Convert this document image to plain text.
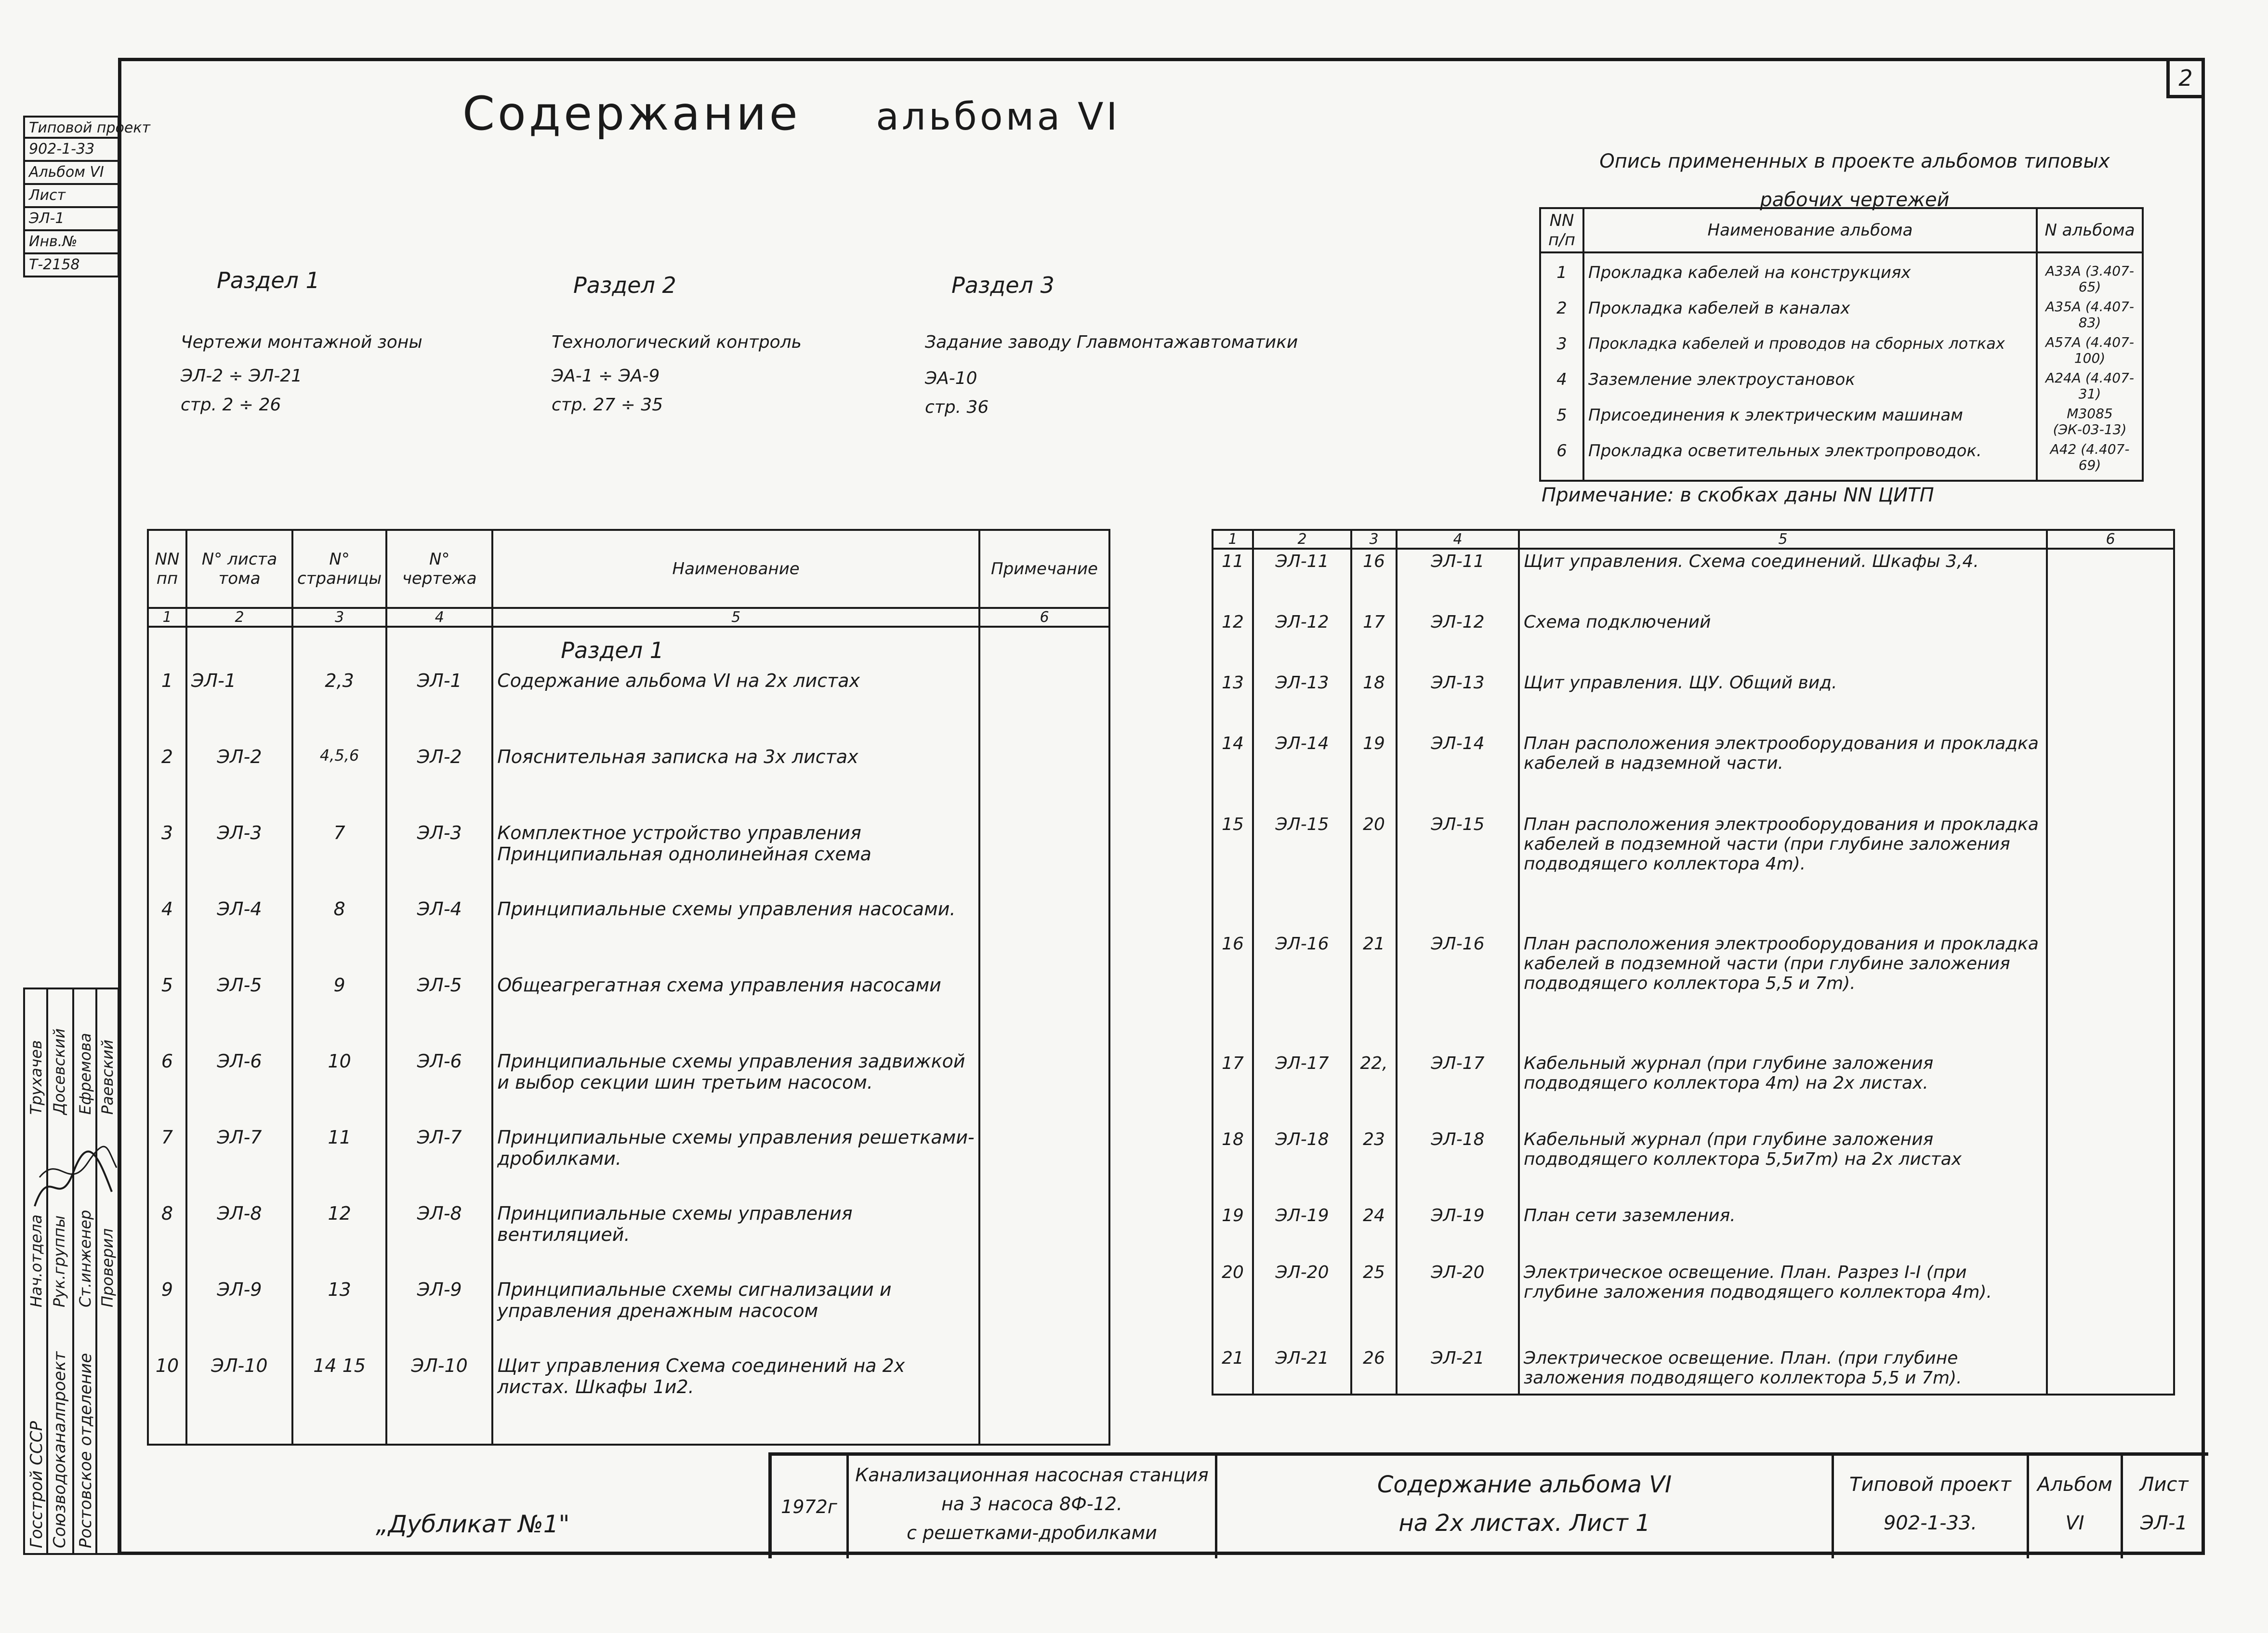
2
Содержание альбома VI
Типовой проект
902-1-33
Альбом VI
Лист
ЭЛ-1
Инв.№
Т-2158
Госстрой СССР Союзводоканалпроект Ростовское отделение
Нач.отдела Рук.группы Ст.инженер Проверил
Трухачев Досевский Ефремова Раевский
Раздел 1
Чертежи монтажной зоны
ЭЛ-2 ÷ ЭЛ-21
стр. 2 ÷ 26
Раздел 2
Технологический контроль
ЭА-1 ÷ ЭА-9
стр. 27 ÷ 35
Раздел 3
Задание заводу Главмонтажавтоматики
ЭА-10
стр. 36
Опись примененных в проекте альбомов типовых
рабочих чертежей
NN п/п	Наименование альбома	N альбома
1	Прокладка кабелей на конструкциях	А33А (3.407-65)
2	Прокладка кабелей в каналах	А35А (4.407-83)
3	Прокладка кабелей и проводов на сборных лотках	А57А (4.407-100)
4	Заземление электроустановок	А24А (4.407-31)
5	Присоединения к электрическим машинам	М3085 (ЭК-03-13)
6	Прокладка осветительных электропроводок.	А42 (4.407-69)
Примечание: в скобках даны NN ЦИТП
NN пп	N° листа тома	N° страницы	N° чертежа	Наименование	Примечание
1	2	3	4	5	6
				Раздел 1	
1	ЭЛ-1	2,3	ЭЛ-1	Содержание альбома VI на 2х листах	
2	ЭЛ-2	4,5,6	ЭЛ-2	Пояснительная записка на 3х листах	
3	ЭЛ-3	7	ЭЛ-3	Комплектное устройство управления Принципиальная однолинейная схема	
4	ЭЛ-4	8	ЭЛ-4	Принципиальные схемы управления насосами.	
5	ЭЛ-5	9	ЭЛ-5	Общеагрегатная схема управления насосами	
6	ЭЛ-6	10	ЭЛ-6	Принципиальные схемы управления задвижкой и выбор секции шин третьим насосом.	
7	ЭЛ-7	11	ЭЛ-7	Принципиальные схемы управления решетками-дробилками.	
8	ЭЛ-8	12	ЭЛ-8	Принципиальные схемы управления вентиляцией.	
9	ЭЛ-9	13	ЭЛ-9	Принципиальные схемы сигнализации и управления дренажным насосом	
10	ЭЛ-10	14 15	ЭЛ-10	Щит управления Схема соединений на 2х листах. Шкафы 1и2.	
1	2	3	4	5	6
11	ЭЛ-11	16	ЭЛ-11	Щит управления. Схема соединений. Шкафы 3,4.	
12	ЭЛ-12	17	ЭЛ-12	Схема подключений	
13	ЭЛ-13	18	ЭЛ-13	Щит управления. ЩУ. Общий вид.	
14	ЭЛ-14	19	ЭЛ-14	План расположения электрооборудования и прокладка кабелей в надземной части.	
15	ЭЛ-15	20	ЭЛ-15	План расположения электрооборудования и прокладка кабелей в подземной части (при глубине заложения подводящего коллектора 4m).	
16	ЭЛ-16	21	ЭЛ-16	План расположения электрооборудования и прокладка кабелей в подземной части (при глубине заложения подводящего коллектора 5,5 и 7m).	
17	ЭЛ-17	22,	ЭЛ-17	Кабельный журнал (при глубине заложения подводящего коллектора 4m) на 2х листах.	
18	ЭЛ-18	23	ЭЛ-18	Кабельный журнал (при глубине заложения подводящего коллектора 5,5и7m) на 2х листах	
19	ЭЛ-19	24	ЭЛ-19	План сети заземления.	
20	ЭЛ-20	25	ЭЛ-20	Электрическое освещение. План. Разрез I-I (при глубине заложения подводящего коллектора 4m).	
21	ЭЛ-21	26	ЭЛ-21	Электрическое освещение. План. (при глубине заложения подводящего коллектора 5,5 и 7m).	
„Дубликат №1"
1972г
Канализационная насосная станция
на 3 насоса 8Ф-12.
с решетками-дробилками
Содержание альбома VI
на 2х листах. Лист 1
Типовой проект
902-1-33.
Альбом
VI
Лист
ЭЛ-1
